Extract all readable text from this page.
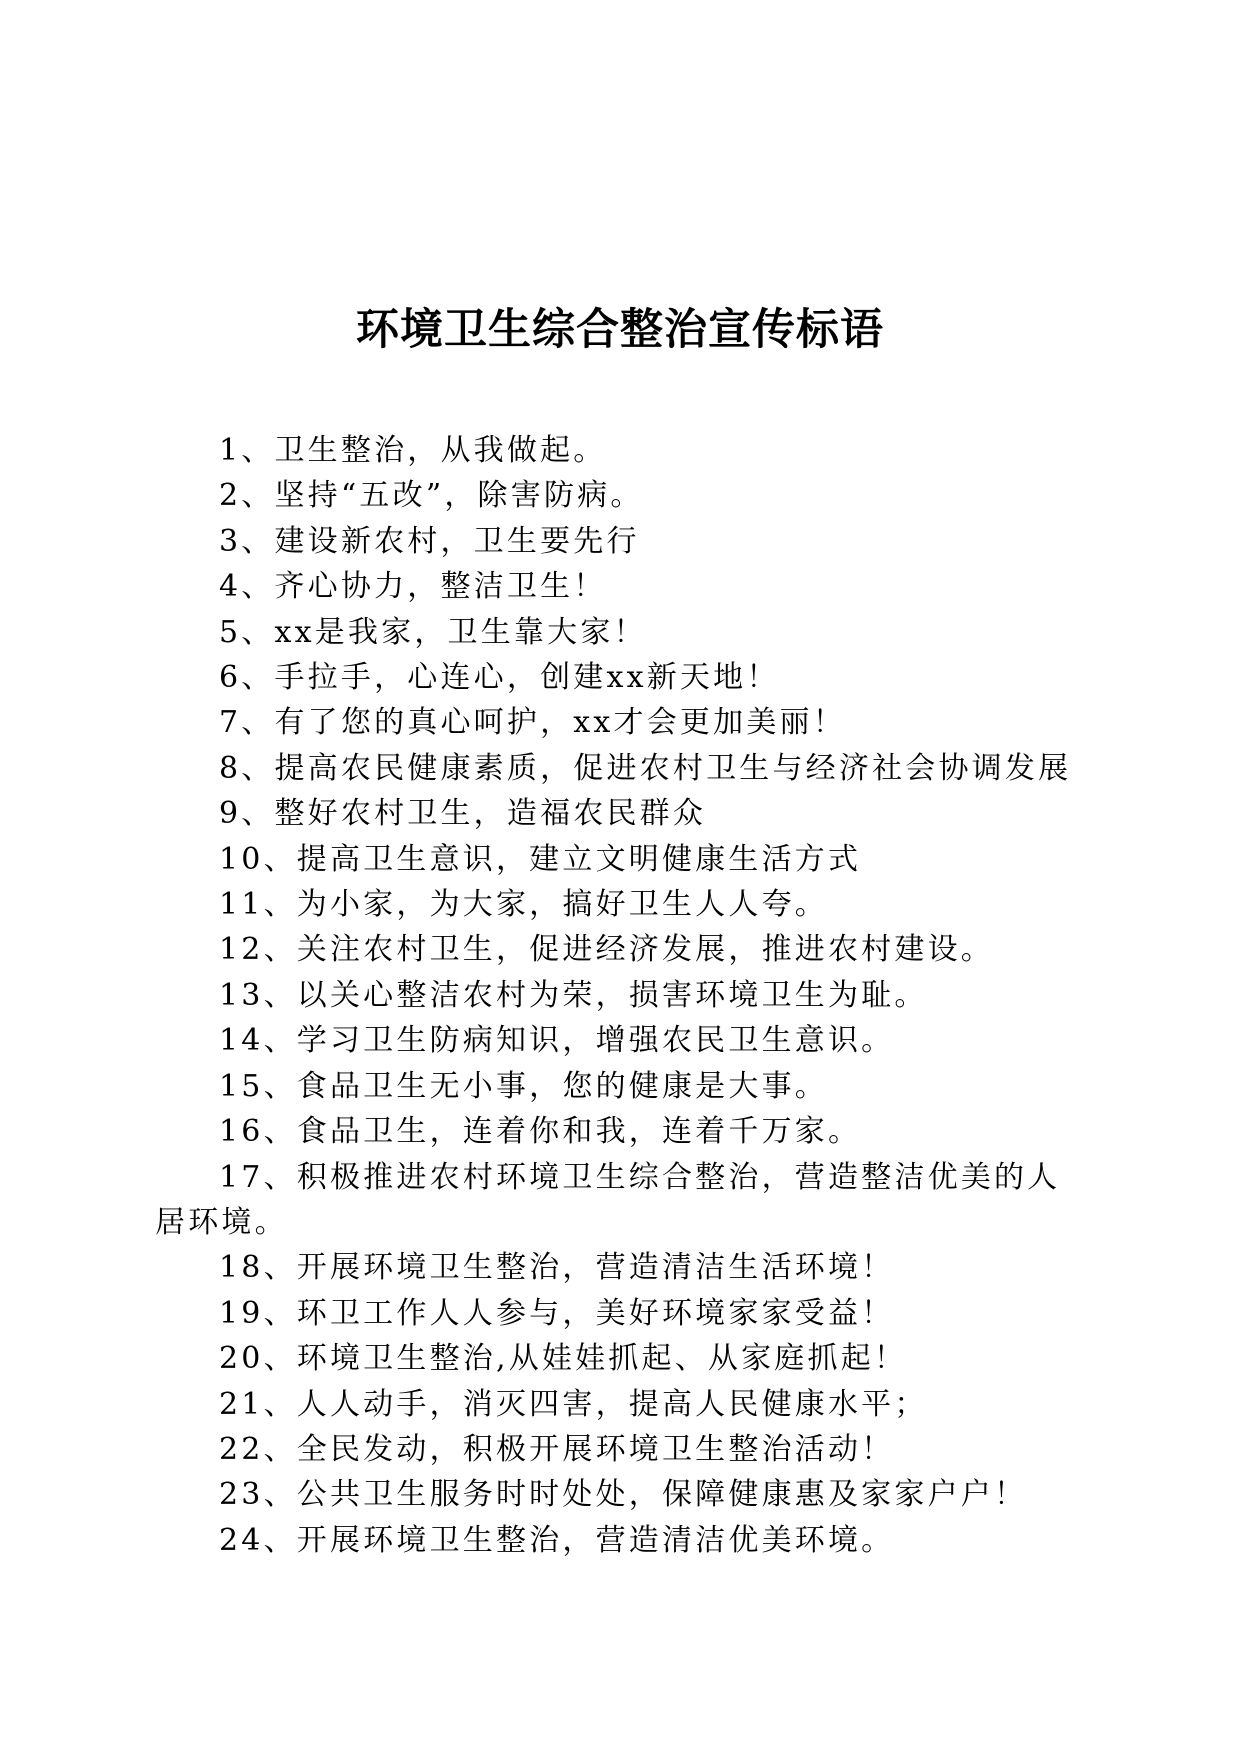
环境卫生综合整治宣传标语
1、卫生整治，从我做起。
2、坚持“五改”，除害防病。
3、建设新农村，卫生要先行
4、齐心协力，整洁卫生！
5、xx是我家，卫生靠大家！
6、手拉手，心连心，创建xx新天地！
7、有了您的真心呵护，xx才会更加美丽！
8、提高农民健康素质，促进农村卫生与经济社会协调发展
9、整好农村卫生，造福农民群众
10、提高卫生意识，建立文明健康生活方式
11、为小家，为大家，搞好卫生人人夸。
12、关注农村卫生，促进经济发展，推进农村建设。
13、以关心整洁农村为荣，损害环境卫生为耻。
14、学习卫生防病知识，增强农民卫生意识。
15、食品卫生无小事，您的健康是大事。
16、食品卫生，连着你和我，连着千万家。
17、积极推进农村环境卫生综合整治，营造整洁优美的人居环境。
18、开展环境卫生整治，营造清洁生活环境！
19、环卫工作人人参与，美好环境家家受益！
20、环境卫生整治,从娃娃抓起、从家庭抓起！
21、人人动手，消灭四害，提高人民健康水平；
22、全民发动，积极开展环境卫生整治活动！
23、公共卫生服务时时处处，保障健康惠及家家户户！
24、开展环境卫生整治，营造清洁优美环境。
